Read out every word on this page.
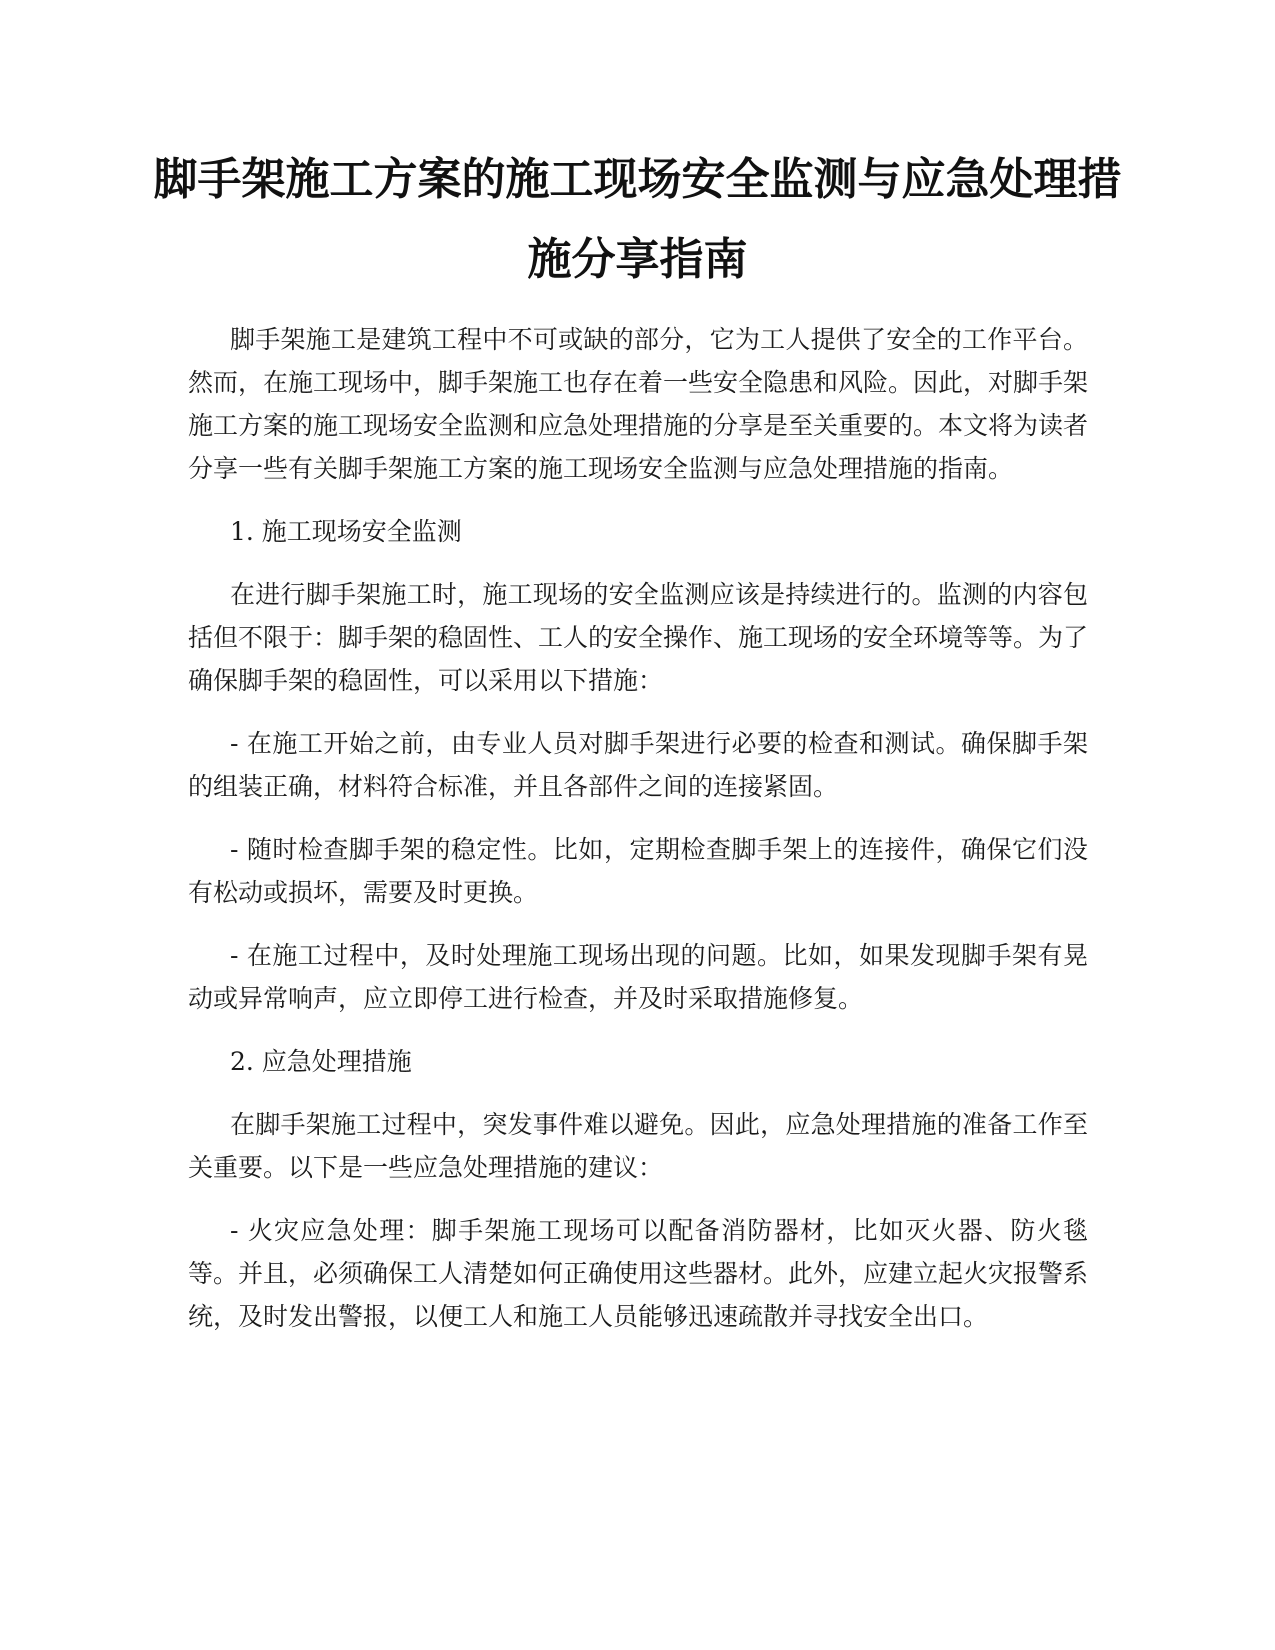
脚手架施工方案的施工现场安全监测与应急处理措施分享指南

脚手架施工是建筑工程中不可或缺的部分，它为工人提供了安全的工作平台。然而，在施工现场中，脚手架施工也存在着一些安全隐患和风险。因此，对脚手架施工方案的施工现场安全监测和应急处理措施的分享是至关重要的。本文将为读者分享一些有关脚手架施工方案的施工现场安全监测与应急处理措施的指南。

1. 施工现场安全监测

在进行脚手架施工时，施工现场的安全监测应该是持续进行的。监测的内容包括但不限于：脚手架的稳固性、工人的安全操作、施工现场的安全环境等等。为了确保脚手架的稳固性，可以采用以下措施：

- 在施工开始之前，由专业人员对脚手架进行必要的检查和测试。确保脚手架的组装正确，材料符合标准，并且各部件之间的连接紧固。

- 随时检查脚手架的稳定性。比如，定期检查脚手架上的连接件，确保它们没有松动或损坏，需要及时更换。

- 在施工过程中，及时处理施工现场出现的问题。比如，如果发现脚手架有晃动或异常响声，应立即停工进行检查，并及时采取措施修复。

2. 应急处理措施

在脚手架施工过程中，突发事件难以避免。因此，应急处理措施的准备工作至关重要。以下是一些应急处理措施的建议：

- 火灾应急处理：脚手架施工现场可以配备消防器材，比如灭火器、防火毯等。并且，必须确保工人清楚如何正确使用这些器材。此外，应建立起火灾报警系统，及时发出警报，以便工人和施工人员能够迅速疏散并寻找安全出口。
